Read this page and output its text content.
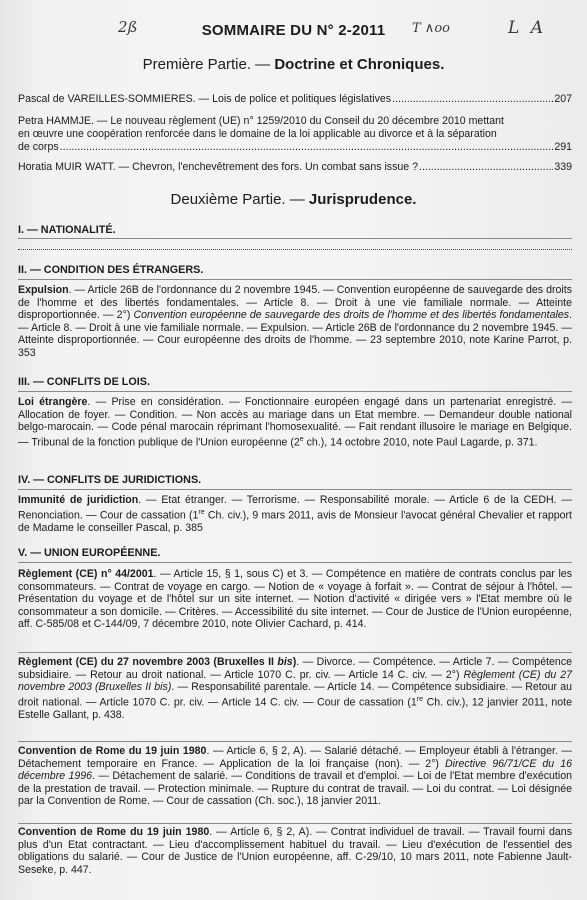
2ß	T ∧oo	L A
SOMMAIRE DU N° 2-2011
Première Partie. — Doctrine et Chroniques.
Pascal de VAREILLES-SOMMIERES. — Lois de police et politiques législatives .....	207
Petra HAMMJE. — Le nouveau règlement (UE) n° 1259/2010 du Conseil du 20 décembre 2010 mettant
en œuvre une coopération renforcée dans le domaine de la loi applicable au divorce et à la séparation
de corps .....	291
Horatia MUIR WATT. — Chevron, l'enchevêtrement des fors. Un combat sans issue ? .....	339
Deuxième Partie. — Jurisprudence.
I. — NATIONALITÉ.
II. — CONDITION DES ÉTRANGERS.
Expulsion. — Article 26B de l'ordonnance du 2 novembre 1945. — Convention européenne de sauvegarde des droits de l'homme et des libertés fondamentales. — Article 8. — Droit à une vie familiale normale. — Atteinte disproportionnée. — 2°) Convention européenne de sauvegarde des droits de l'homme et des libertés fondamentales. — Article 8. — Droit à une vie familiale normale. — Expulsion. — Article 26B de l'ordonnance du 2 novembre 1945. — Atteinte disproportionnée. — Cour européenne des droits de l'homme. — 23 septembre 2010, note Karine Parrot, p. 353
III. — CONFLITS DE LOIS.
Loi étrangère. — Prise en considération. — Fonctionnaire européen engagé dans un partenariat enregistré. — Allocation de foyer. — Condition. — Non accès au mariage dans un Etat membre. — Demandeur double national belgo-marocain. — Code pénal marocain réprimant l'homosexualité. — Fait rendant illusoire le mariage en Belgique. — Tribunal de la fonction publique de l'Union européenne (2e ch.), 14 octobre 2010, note Paul Lagarde, p. 371.
IV. — CONFLITS DE JURIDICTIONS.
Immunité de juridiction. — Etat étranger. — Terrorisme. — Responsabilité morale. — Article 6 de la CEDH. — Renonciation. — Cour de cassation (1re Ch. civ.), 9 mars 2011, avis de Monsieur l'avocat général Chevalier et rapport de Madame le conseiller Pascal, p. 385
V. — UNION EUROPÉENNE.
Règlement (CE) n° 44/2001. — Article 15, § 1, sous C) et 3. — Compétence en matière de contrats conclus par les consommateurs. — Contrat de voyage en cargo. — Notion de « voyage à forfait ». — Contrat de séjour à l'hôtel. — Présentation du voyage et de l'hôtel sur un site internet. — Notion d'activité « dirigée vers » l'Etat membre où le consommateur a son domicile. — Critères. — Accessibilité du site internet. — Cour de Justice de l'Union européenne, aff. C-585/08 et C-144/09, 7 décembre 2010, note Olivier Cachard, p. 414.
Règlement (CE) du 27 novembre 2003 (Bruxelles II bis). — Divorce. — Compétence. — Article 7. — Compétence subsidiaire. — Retour au droit national. — Article 1070 C. pr. civ. — Article 14 C. civ. — 2°) Règlement (CE) du 27 novembre 2003 (Bruxelles II bis). — Responsabilité parentale. — Article 14. — Compétence subsidiaire. — Retour au droit national. — Article 1070 C. pr. civ. — Article 14 C. civ. — Cour de cassation (1re Ch. civ.), 12 janvier 2011, note Estelle Gallant, p. 438.
Convention de Rome du 19 juin 1980. — Article 6, § 2, A). — Salarié détaché. — Employeur établi à l'étranger. — Détachement temporaire en France. — Application de la loi française (non). — 2°) Directive 96/71/CE du 16 décembre 1996. — Détachement de salarié. — Conditions de travail et d'emploi. — Loi de l'Etat membre d'exécution de la prestation de travail. — Protection minimale. — Rupture du contrat de travail. — Loi du contrat. — Loi désignée par la Convention de Rome. — Cour de cassation (Ch. soc.), 18 janvier 2011.
Convention de Rome du 19 juin 1980. — Article 6, § 2, A). — Contrat individuel de travail. — Travail fourni dans plus d'un Etat contractant. — Lieu d'accomplissement habituel du travail. — Lieu d'exécution de l'essentiel des obligations du salarié. — Cour de Justice de l'Union européenne, aff. C-29/10, 10 mars 2011, note Fabienne Jault-Seseke, p. 447.
